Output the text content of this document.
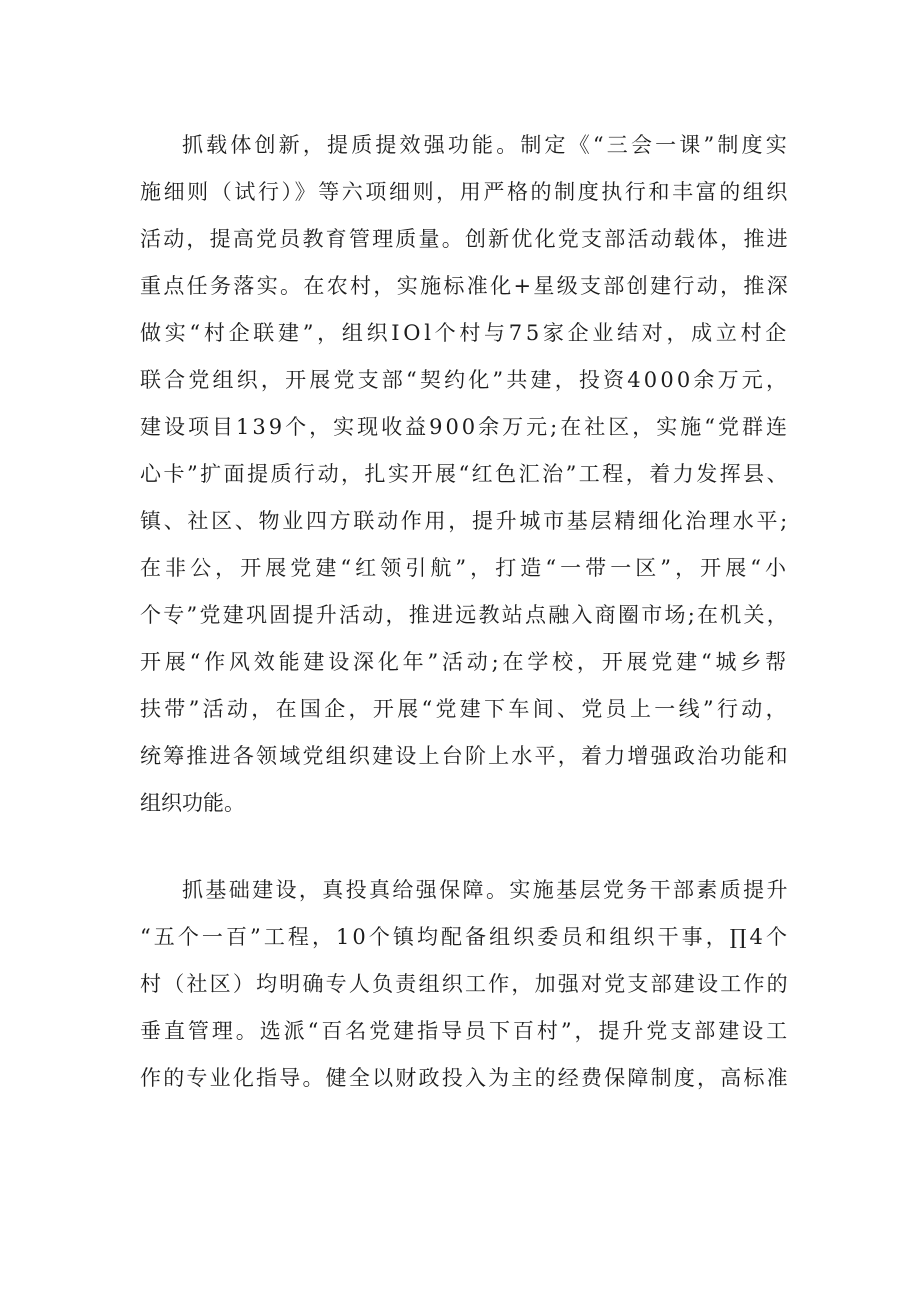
抓载体创新，提质提效强功能。制定《“三会一课”制度实
施细则（试行）》等六项细则，用严格的制度执行和丰富的组织
活动，提高党员教育管理质量。创新优化党支部活动载体，推进
重点任务落实。在农村，实施标准化+星级支部创建行动，推深
做实“村企联建”，组织IOl个村与75家企业结对，成立村企
联合党组织，开展党支部“契约化”共建，投资4000余万元，
建设项目139个，实现收益900余万元;在社区，实施“党群连
心卡”扩面提质行动，扎实开展“红色汇治”工程，着力发挥县、
镇、社区、物业四方联动作用，提升城市基层精细化治理水平;
在非公，开展党建“红领引航”，打造“一带一区”，开展“小
个专”党建巩固提升活动，推进远教站点融入商圈市场;在机关，
开展“作风效能建设深化年”活动;在学校，开展党建“城乡帮
扶带”活动，在国企，开展“党建下车间、党员上一线”行动，
统筹推进各领域党组织建设上台阶上水平，着力增强政治功能和
组织功能。
抓基础建设，真投真给强保障。实施基层党务干部素质提升
“五个一百”工程，10个镇均配备组织委员和组织干事，∏4个
村（社区）均明确专人负责组织工作，加强对党支部建设工作的
垂直管理。选派“百名党建指导员下百村”，提升党支部建设工
作的专业化指导。健全以财政投入为主的经费保障制度，高标准
